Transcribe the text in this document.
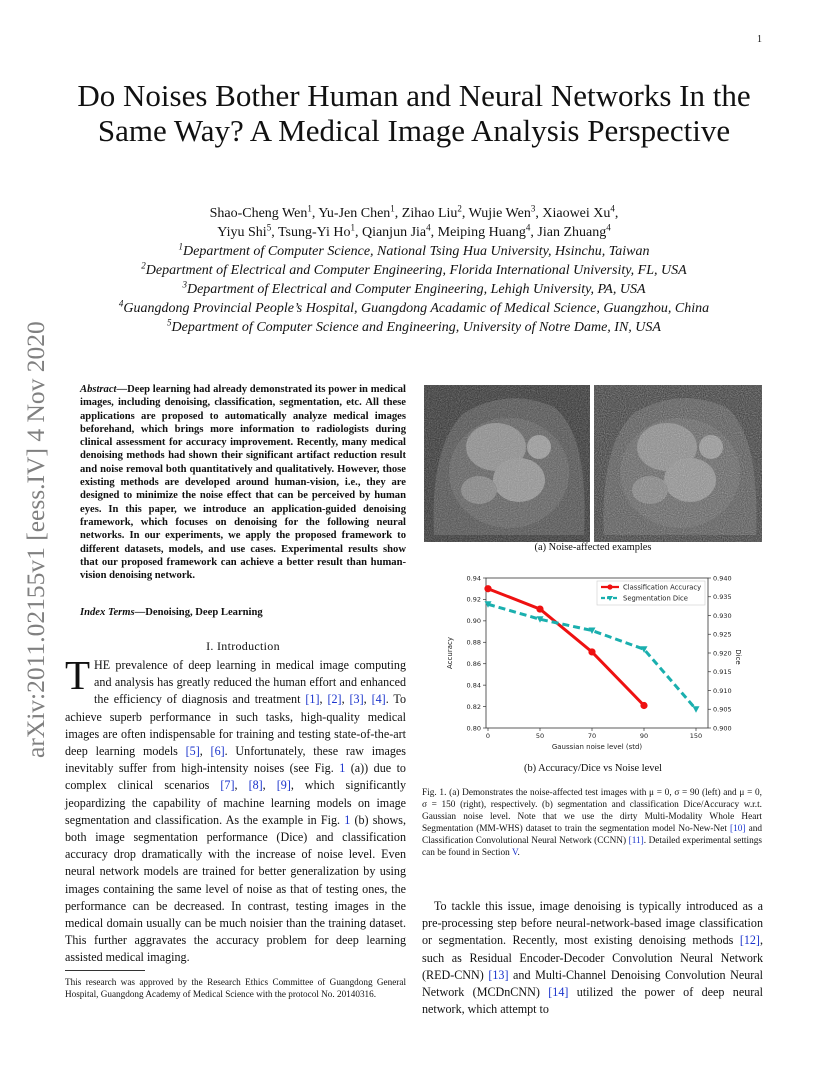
1
arXiv:2011.02155v1 [eess.IV] 4 Nov 2020
Do Noises Bother Human and Neural Networks In the Same Way? A Medical Image Analysis Perspective
Shao-Cheng Wen$^1$, Yu-Jen Chen$^1$, Zihao Liu$^2$, Wujie Wen$^3$, Xiaowei Xu$^4$,
Yiyu Shi$^5$, Tsung-Yi Ho$^1$, Qianjun Jia$^4$, Meiping Huang$^4$, Jian Zhuang$^4$
$^1$Department of Computer Science, National Tsing Hua University, Hsinchu, Taiwan
$^2$Department of Electrical and Computer Engineering, Florida International University, FL, USA
$^3$Department of Electrical and Computer Engineering, Lehigh University, PA, USA
$^4$Guangdong Provincial People’s Hospital, Guangdong Acadamic of Medical Science, Guangzhou, China
$^5$Department of Computer Science and Engineering, University of Notre Dame, IN, USA
Abstract—Deep learning had already demonstrated its power in medical images, including denoising, classification, segmentation, etc. All these applications are proposed to automatically analyze medical images beforehand, which brings more information to radiologists during clinical assessment for accuracy improvement. Recently, many medical denoising methods had shown their significant artifact reduction result and noise removal both quantitatively and qualitatively. However, those existing methods are developed around human-vision, i.e., they are designed to minimize the noise effect that can be perceived by human eyes. In this paper, we introduce an application-guided denoising framework, which focuses on denoising for the following neural networks. In our experiments, we apply the proposed framework to different datasets, models, and use cases. Experimental results show that our proposed framework can achieve a better result than human-vision denoising network.
Index Terms—Denoising, Deep Learning
I. Introduction
THE prevalence of deep learning in medical image computing and analysis has greatly reduced the human effort and enhanced the efficiency of diagnosis and treatment [1], [2], [3], [4]. To achieve superb performance in such tasks, high-quality medical images are often indispensable for training and testing state-of-the-art deep learning models [5], [6]. Unfortunately, these raw images inevitably suffer from high-intensity noises (see Fig. 1 (a)) due to complex clinical scenarios [7], [8], [9], which significantly jeopardizing the capability of machine learning models on image segmentation and classification. As the example in Fig. 1 (b) shows, both image segmentation performance (Dice) and classification accuracy drop dramatically with the increase of noise level. Even neural network models are trained for better generalization by using images containing the same level of noise as that of testing ones, the performance can be decreased. In contrast, testing images in the medical domain usually can be much noisier than the training dataset. This further aggravates the accuracy problem for deep learning assisted medical imaging.
This research was approved by the Research Ethics Committee of Guangdong General Hospital, Guangdong Academy of Medical Science with the protocol No. 20140316.
(a) Noise-affected examples
0.80
0.82
0.84
0.86
0.88
0.90
0.92
0.94
0.900
0.905
0.910
0.915
0.920
0.925
0.930
0.935
0.940
0	50	70	90	150
Accuracy	Dice
Gaussian noise level (std)
Classification Accuracy
Segmentation Dice
(b) Accuracy/Dice vs Noise level
Fig. 1. (a) Demonstrates the noise-affected test images with μ = 0, σ = 90 (left) and μ = 0, σ = 150 (right), respectively. (b) segmentation and classification Dice/Accuracy w.r.t. Gaussian noise level. Note that we use the dirty Multi-Modality Whole Heart Segmentation (MM-WHS) dataset to train the segmentation model No-New-Net [10] and Classification Convolutional Neural Network (CCNN) [11]. Detailed experimental settings can be found in Section V.
To tackle this issue, image denoising is typically introduced as a pre-processing step before neural-network-based image classification or segmentation. Recently, most existing denoising methods [12], such as Residual Encoder-Decoder Convolution Neural Network (RED-CNN) [13] and Multi-Channel Denoising Convolution Neural Network (MCDnCNN) [14] utilized the power of deep neural network, which attempt to
